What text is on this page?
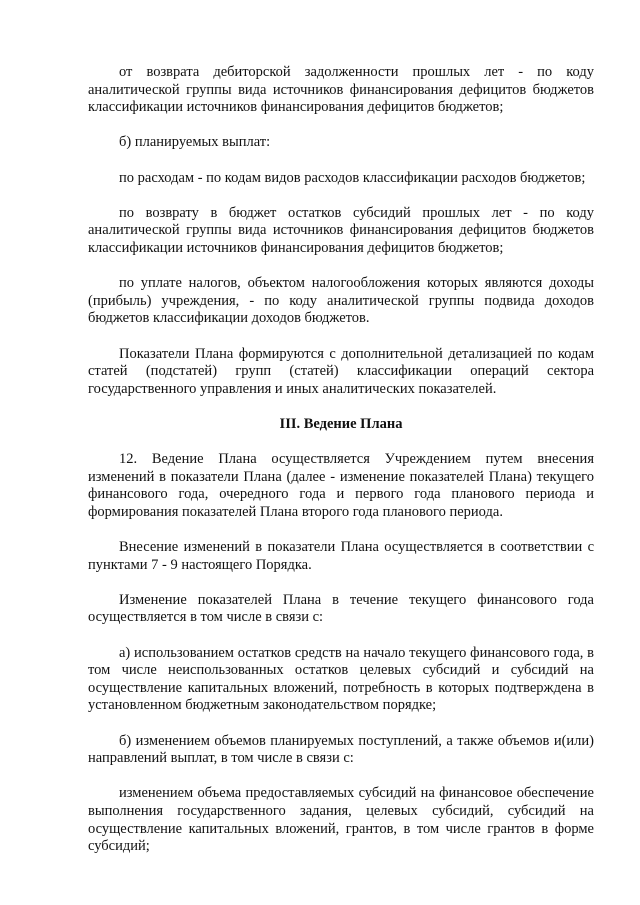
от возврата дебиторской задолженности прошлых лет - по коду аналитической группы вида источников финансирования дефицитов бюджетов классификации источников финансирования дефицитов бюджетов;

б) планируемых выплат:

по расходам - по кодам видов расходов классификации расходов бюджетов;

по возврату в бюджет остатков субсидий прошлых лет - по коду аналитической группы вида источников финансирования дефицитов бюджетов классификации источников финансирования дефицитов бюджетов;

по уплате налогов, объектом налогообложения которых являются доходы (прибыль) учреждения, - по коду аналитической группы подвида доходов бюджетов классификации доходов бюджетов.

Показатели Плана формируются с дополнительной детализацией по кодам статей (подстатей) групп (статей) классификации операций сектора государственного управления и иных аналитических показателей.

III. Ведение Плана

12. Ведение Плана осуществляется Учреждением путем внесения изменений в показатели Плана (далее - изменение показателей Плана) текущего финансового года, очередного года и первого года планового периода и формирования показателей Плана второго года планового периода.

Внесение изменений в показатели Плана осуществляется в соответствии с пунктами 7 - 9 настоящего Порядка.

Изменение показателей Плана в течение текущего финансового года осуществляется в том числе в связи с:

а) использованием остатков средств на начало текущего финансового года, в том числе неиспользованных остатков целевых субсидий и субсидий на осуществление капитальных вложений, потребность в которых подтверждена в установленном бюджетным законодательством порядке;

б) изменением объемов планируемых поступлений, а также объемов и(или) направлений выплат, в том числе в связи с:

изменением объема предоставляемых субсидий на финансовое обеспечение выполнения государственного задания, целевых субсидий, субсидий на осуществление капитальных вложений, грантов, в том числе грантов в форме субсидий;
